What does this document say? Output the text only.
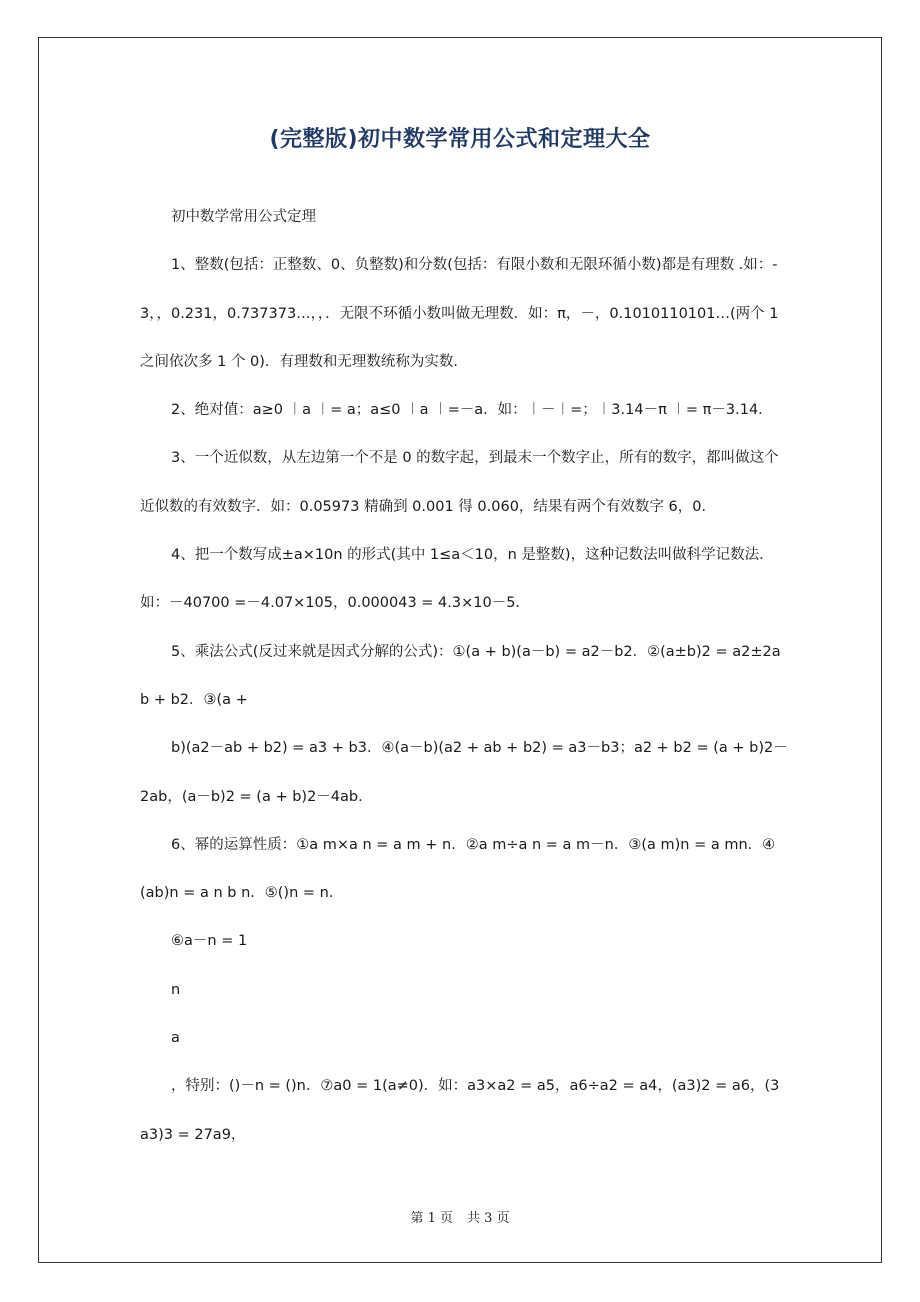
(完整版)初中数学常用公式和定理大全

初中数学常用公式定理

1、整数(包括：正整数、0、负整数)和分数(包括：有限小数和无限环循小数)都是有理数 .如：-3，，0.231，0.737373…，，．无限不环循小数叫做无理数．如：π，－，0.1010110101…(两个 1 之间依次多 1 个 0)．有理数和无理数统称为实数．

2、绝对值：a≥0 ︱a ︱= a；a≤0 ︱a ︱=－a．如：︱－︱=；︱3.14－π ︱= π－3.14．

3、一个近似数，从左边第一个不是 0 的数字起，到最末一个数字止，所有的数字，都叫做这个近似数的有效数字．如：0.05973 精确到 0.001 得 0.060，结果有两个有效数字 6，0．

4、把一个数写成±a×10n 的形式(其中 1≤a＜10，n 是整数)，这种记数法叫做科学记数法．如：－40700 =－4.07×105，0.000043 = 4.3×10－5．

5、乘法公式(反过来就是因式分解的公式)：①(a + b)(a－b) = a2－b2．②(a±b)2 = a2±2ab + b2．③(a +

b)(a2－ab + b2) = a3 + b3．④(a－b)(a2 + ab + b2) = a3－b3；a2 + b2 = (a + b)2－2ab，(a－b)2 = (a + b)2－4ab．

6、幂的运算性质：①a m×a n = a m + n．②a m÷a n = a m－n．③(a m)n = a mn．④(ab)n = a n b n．⑤()n = n．

⑥a－n = 1

n

a

，特别：()－n = ()n．⑦a0 = 1(a≠0)．如：a3×a2 = a5，a6÷a2 = a4，(a3)2 = a6，(3a3)3 = 27a9，

第 1 页 共 3 页
